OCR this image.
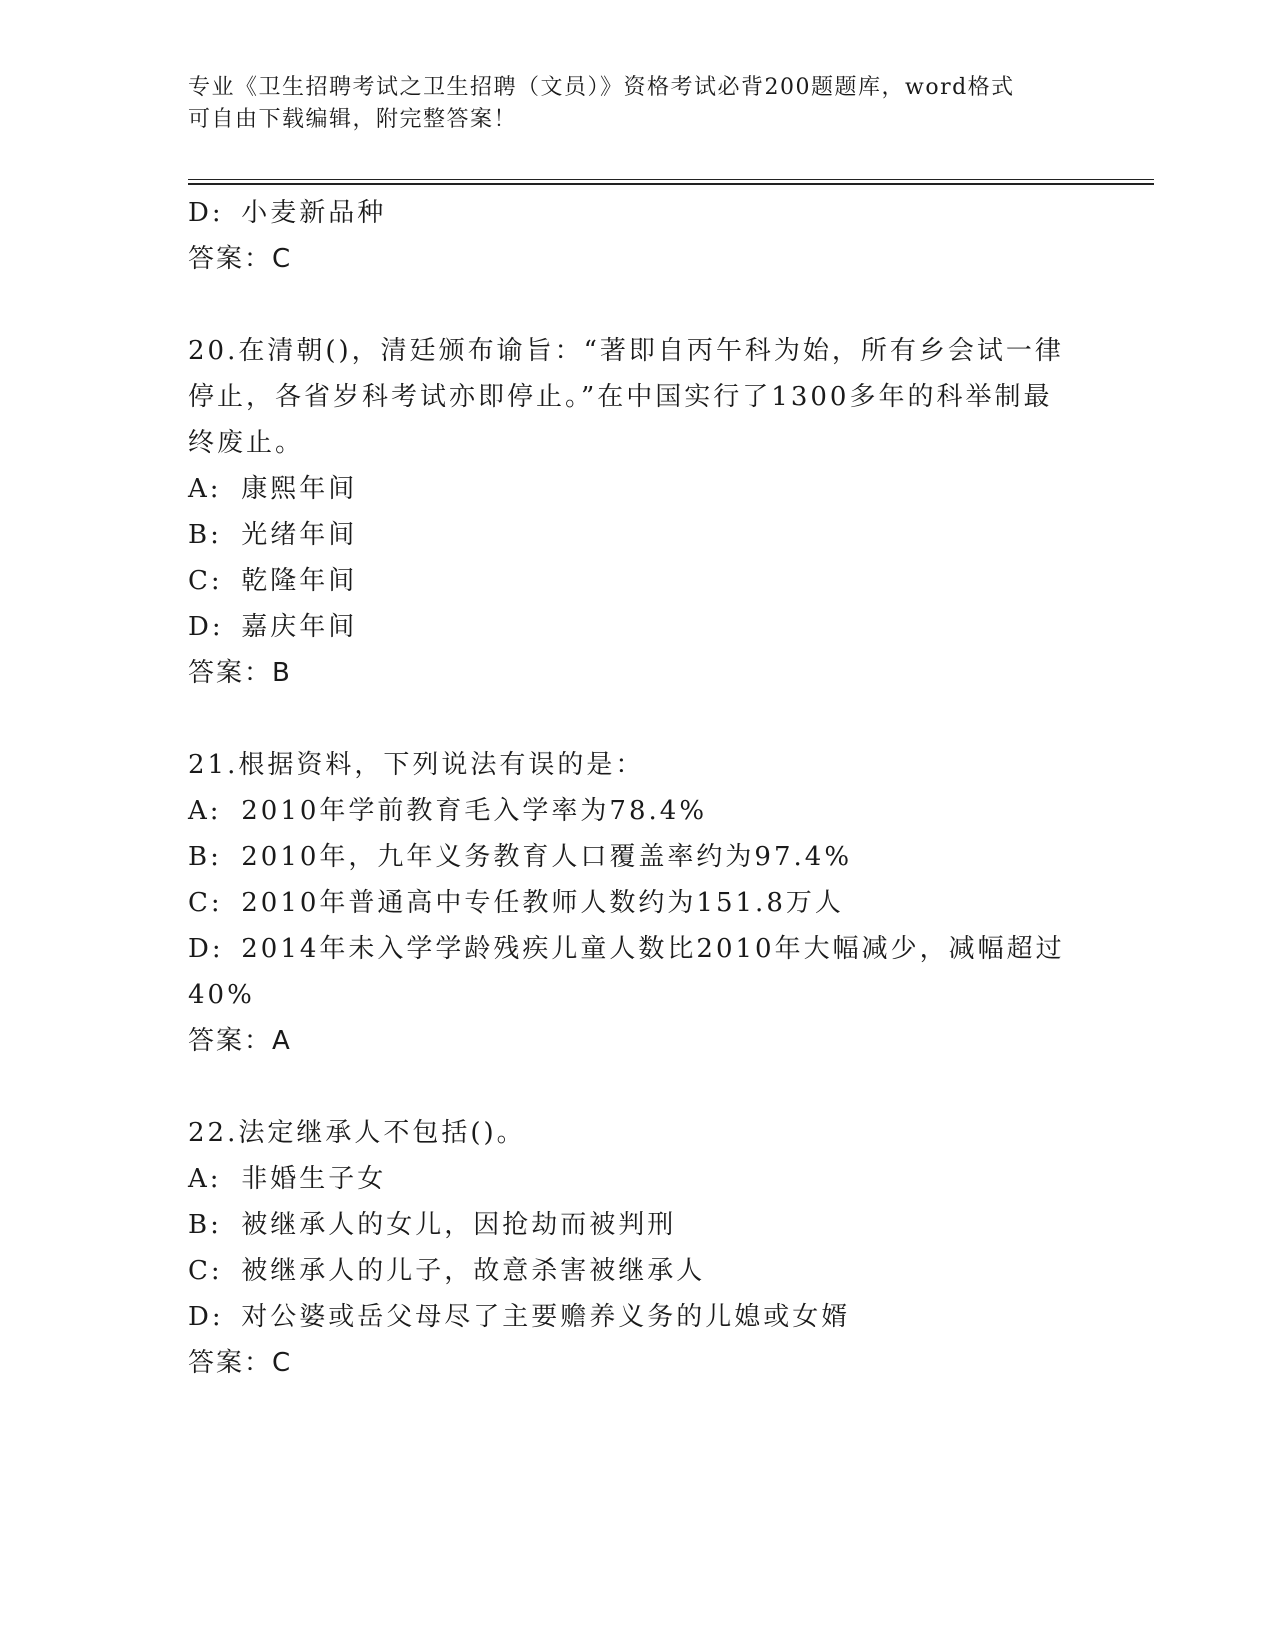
专业《卫生招聘考试之卫生招聘（文员）》资格考试必背200题题库，word格式
可自由下载编辑，附完整答案！
D: 小麦新品种
答案：C
20.在清朝()，清廷颁布谕旨：“著即自丙午科为始，所有乡会试一律
停止，各省岁科考试亦即停止。”在中国实行了1300多年的科举制最
终废止。
A: 康熙年间
B: 光绪年间
C: 乾隆年间
D: 嘉庆年间
答案：B
21.根据资料，下列说法有误的是：
A: 2010年学前教育毛入学率为78.4%
B: 2010年，九年义务教育人口覆盖率约为97.4%
C: 2010年普通高中专任教师人数约为151.8万人
D: 2014年未入学学龄残疾儿童人数比2010年大幅减少，减幅超过
40%
答案：A
22.法定继承人不包括()。
A: 非婚生子女
B: 被继承人的女儿，因抢劫而被判刑
C: 被继承人的儿子，故意杀害被继承人
D: 对公婆或岳父母尽了主要赡养义务的儿媳或女婿
答案：C
